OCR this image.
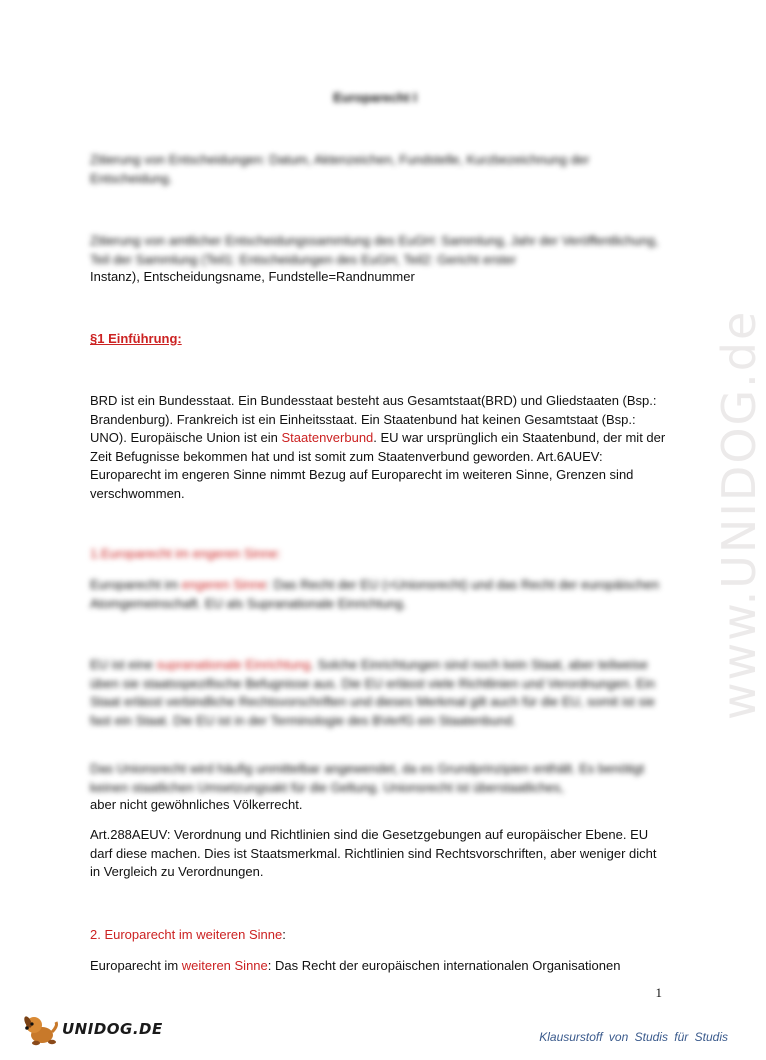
www.UNIDOG.de
Europarecht I

Zitierung von Entscheidungen: Datum, Aktenzeichen, Fundstelle, Kurzbezeichnung der Entscheidung.

Zitierung von amtlicher Entscheidungssammlung des EuGH: Sammlung, Jahr der Veröffentlichung, Teil der Sammlung (Teil1: Entscheidungen des EuGH, Teil2: Gericht erster

Instanz), Entscheidungsname, Fundstelle=Randnummer

§1 Einführung:

BRD ist ein Bundesstaat. Ein Bundesstaat besteht aus Gesamtstaat(BRD) und Gliedstaaten (Bsp.: Brandenburg). Frankreich ist ein Einheitsstaat. Ein Staatenbund hat keinen Gesamtstaat (Bsp.: UNO). Europäische Union ist ein Staatenverbund. EU war ursprünglich ein Staatenbund, der mit der Zeit Befugnisse bekommen hat und ist somit zum Staatenverbund geworden. Art.6AUEV: Europarecht im engeren Sinne nimmt Bezug auf Europarecht im weiteren Sinne, Grenzen sind verschwommen.

1.Europarecht im engeren Sinne:

Europarecht im engeren Sinne: Das Recht der EU (=Unionsrecht) und das Recht der europäischen Atomgemeinschaft. EU als Supranationale Einrichtung.

EU ist eine supranationale Einrichtung. Solche Einrichtungen sind noch kein Staat, aber teilweise üben sie staatsspezifische Befugnisse aus. Die EU erlässt viele Richtlinien und Verordnungen. Ein Staat erlässt verbindliche Rechtsvorschriften und dieses Merkmal gilt auch für die EU, somit ist sie fast ein Staat. Die EU ist in der Terminologie des BVerfG ein Staatenbund.

Das Unionsrecht wird häufig unmittelbar angewendet, da es Grundprinzipien enthält. Es benötigt keinen staatlichen Umsetzungsakt für die Geltung. Unionsrecht ist überstaatliches,

aber nicht gewöhnliches Völkerrecht.

Art.288AEUV: Verordnung und Richtlinien sind die Gesetzgebungen auf europäischer Ebene. EU darf diese machen. Dies ist Staatsmerkmal. Richtlinien sind Rechtsvorschriften, aber weniger dicht in Vergleich zu Verordnungen.

2. Europarecht im weiteren Sinne:

Europarecht im weiteren Sinne: Das Recht der europäischen internationalen Organisationen

1
UNIDOG.DE	Klausurstoff von Studis für Studis
